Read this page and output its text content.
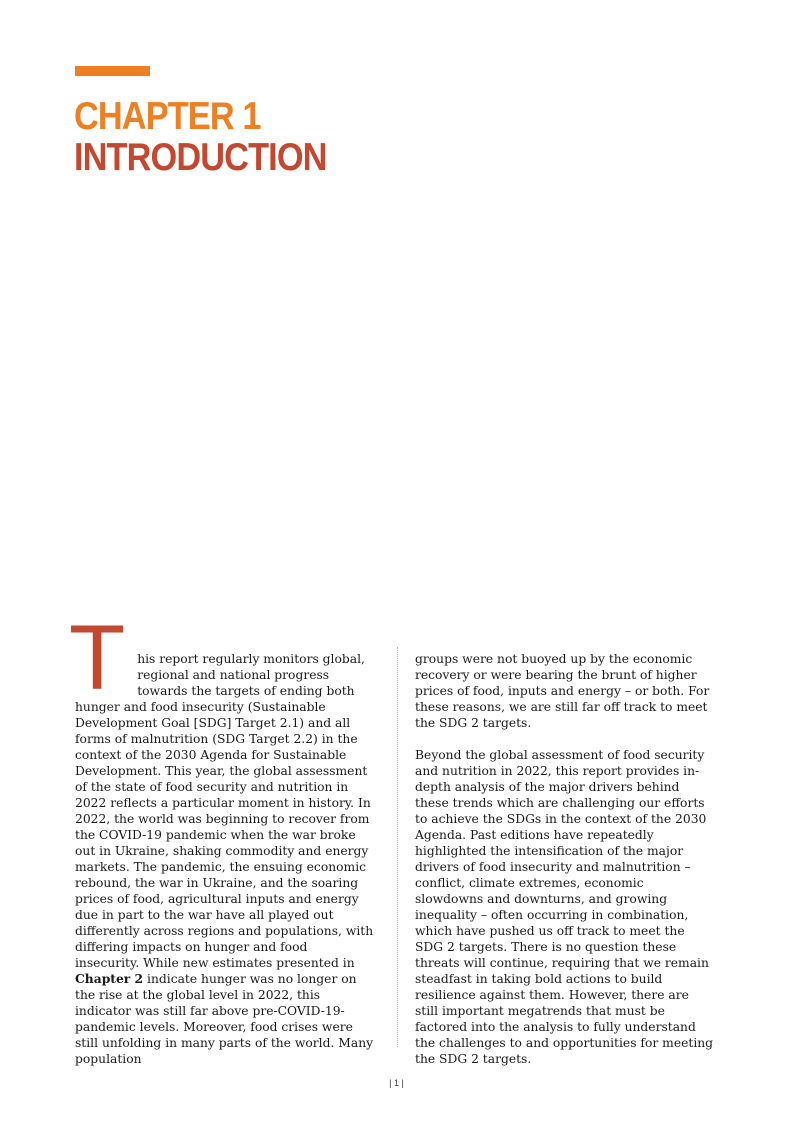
CHAPTER 1
INTRODUCTION

This report regularly monitors global, regional and national progress towards the targets of ending both hunger and food insecurity (Sustainable Development Goal [SDG] Target 2.1) and all forms of malnutrition (SDG Target 2.2) in the context of the 2030 Agenda for Sustainable Development. This year, the global assessment of the state of food security and nutrition in 2022 reflects a particular moment in history. In 2022, the world was beginning to recover from the COVID-19 pandemic when the war broke out in Ukraine, shaking commodity and energy markets. The pandemic, the ensuing economic rebound, the war in Ukraine, and the soaring prices of food, agricultural inputs and energy due in part to the war have all played out differently across regions and populations, with differing impacts on hunger and food insecurity. While new estimates presented in Chapter 2 indicate hunger was no longer on the rise at the global level in 2022, this indicator was still far above pre-COVID-19-pandemic levels. Moreover, food crises were still unfolding in many parts of the world. Many population

groups were not buoyed up by the economic recovery or were bearing the brunt of higher prices of food, inputs and energy – or both. For these reasons, we are still far off track to meet the SDG 2 targets.

Beyond the global assessment of food security and nutrition in 2022, this report provides in-depth analysis of the major drivers behind these trends which are challenging our efforts to achieve the SDGs in the context of the 2030 Agenda. Past editions have repeatedly highlighted the intensification of the major drivers of food insecurity and malnutrition – conflict, climate extremes, economic slowdowns and downturns, and growing inequality – often occurring in combination, which have pushed us off track to meet the SDG 2 targets. There is no question these threats will continue, requiring that we remain steadfast in taking bold actions to build resilience against them. However, there are still important megatrends that must be factored into the analysis to fully understand the challenges to and opportunities for meeting the SDG 2 targets.

| 1 |
